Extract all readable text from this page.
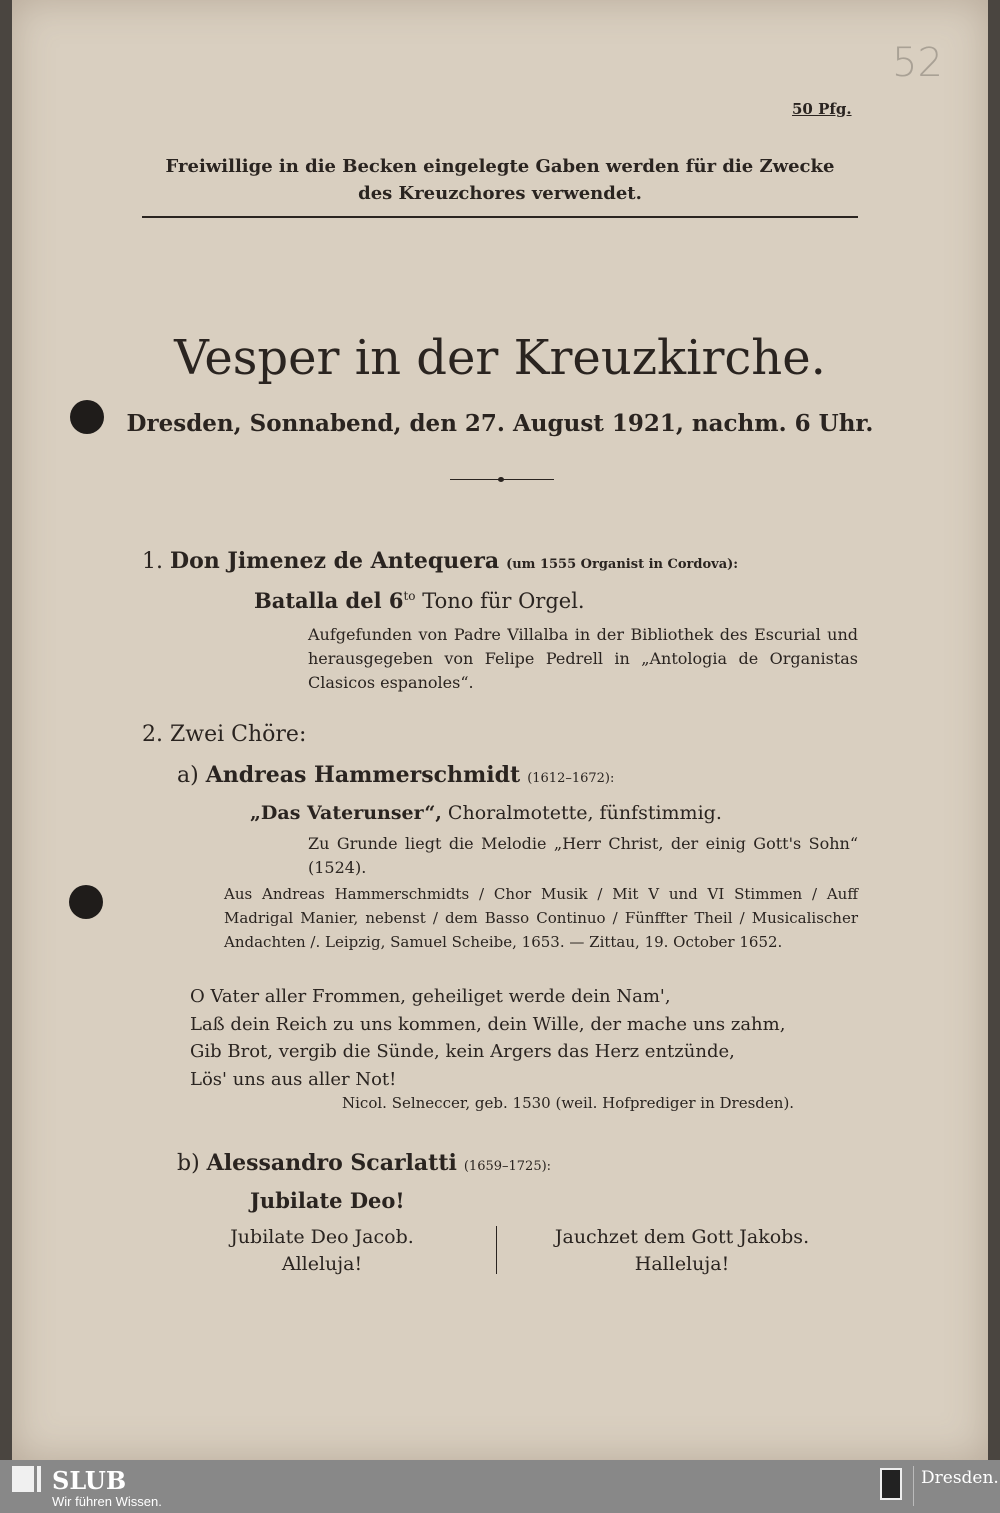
52
50 Pfg.
Freiwillige in die Becken eingelegte Gaben werden für die Zwecke
des Kreuzchores verwendet.
Vesper in der Kreuzkirche.
Dresden, Sonnabend, den 27. August 1921, nachm. 6 Uhr.
1. Don Jimenez de Antequera (um 1555 Organist in Cordova):
Batalla del $6^{to}$ Tono für Orgel.
Aufgefunden von Padre Villalba in der Bibliothek des Escurial und herausgegeben von Felipe Pedrell in „Antologia de Organistas Clasicos espanoles“.
2. Zwei Chöre:
a) Andreas Hammerschmidt (1612–1672):
„Das Vaterunser“, Choralmotette, fünfstimmig.
Zu Grunde liegt die Melodie „Herr Christ, der einig Gott's Sohn“ (1524).
Aus Andreas Hammerschmidts / Chor Musik / Mit V und VI Stimmen / Auff Madrigal Manier, nebenst / dem Basso Continuo / Fünffter Theil / Musicalischer Andachten /. Leipzig, Samuel Scheibe, 1653. — Zittau, 19. October 1652.
O Vater aller Frommen, geheiliget werde dein Nam',
Laß dein Reich zu uns kommen, dein Wille, der mache uns zahm,
Gib Brot, vergib die Sünde, kein Argers das Herz entzünde,
Lös' uns aus aller Not!
Nicol. Selneccer, geb. 1530 (weil. Hofprediger in Dresden).
b) Alessandro Scarlatti (1659–1725):
Jubilate Deo!
Jubilate Deo Jacob.
Alleluja!
Jauchzet dem Gott Jakobs.
Halleluja!
SLUB
Wir führen Wissen.
Dresden.
